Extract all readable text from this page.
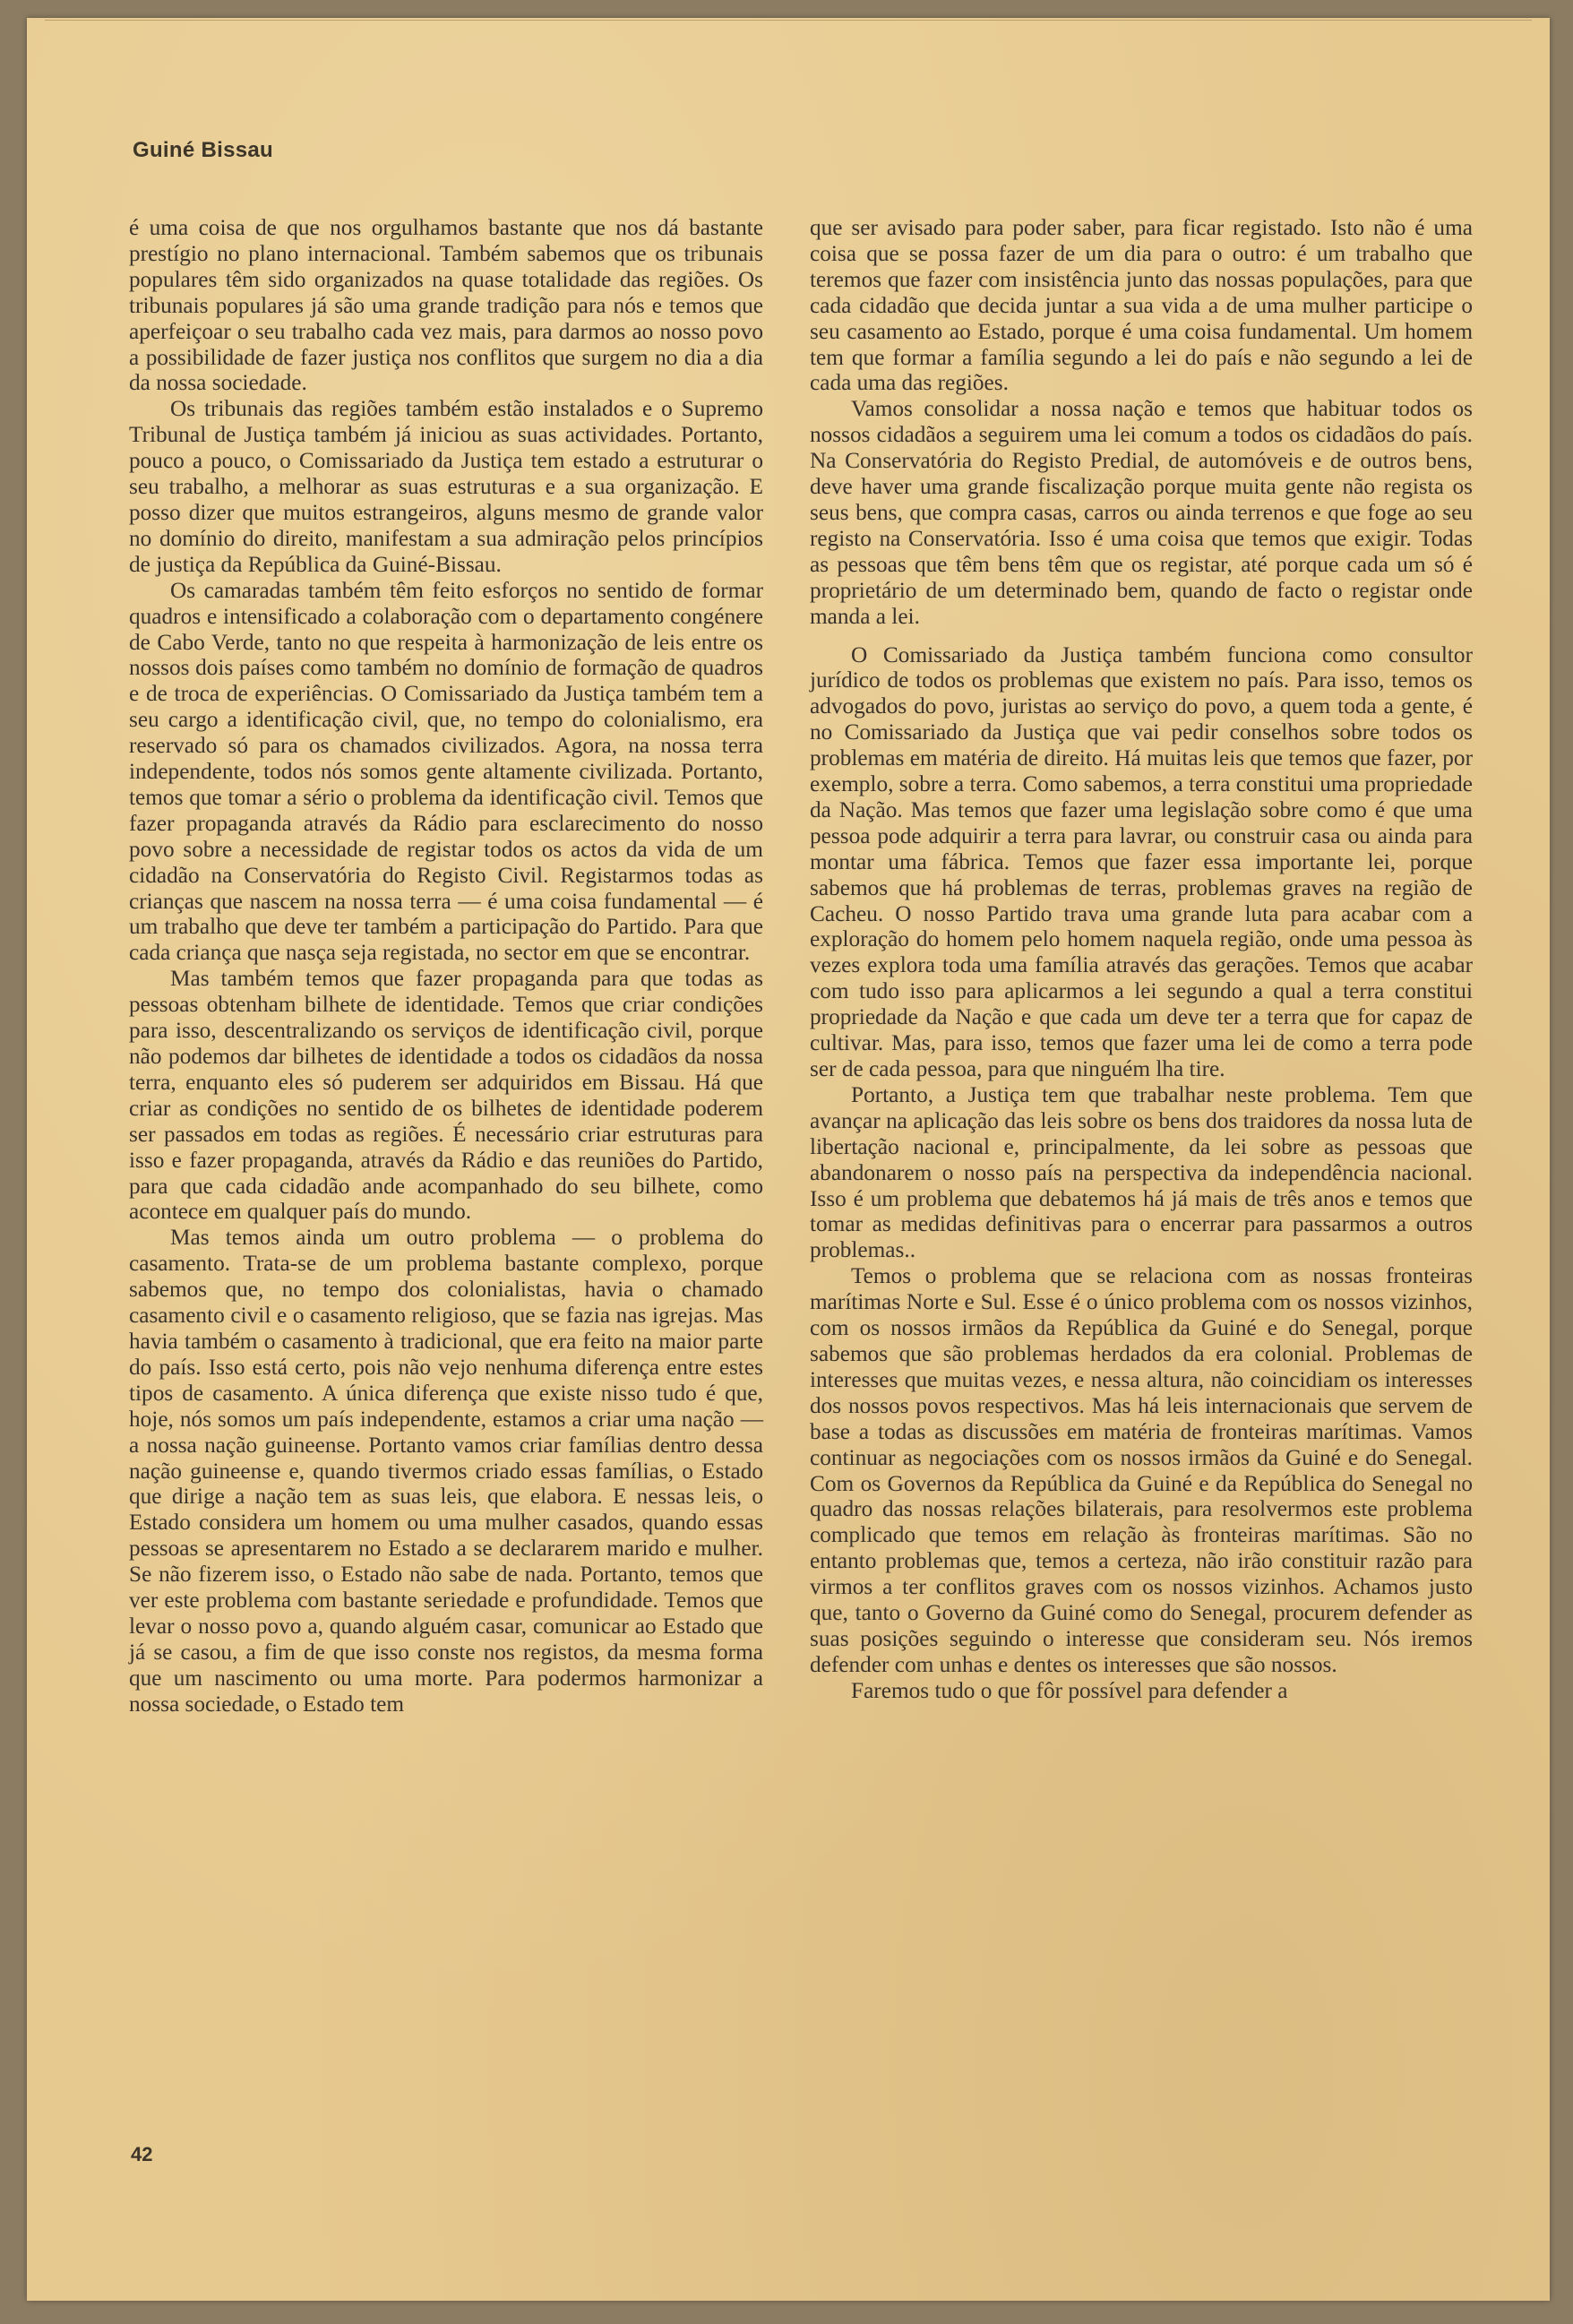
Guiné Bissau

é uma coisa de que nos orgulhamos bastante que nos dá bastante prestígio no plano internacional. Também sabemos que os tribunais populares têm sido organizados na quase totalidade das regiões. Os tribunais populares já são uma grande tradição para nós e temos que aperfeiçoar o seu trabalho cada vez mais, para darmos ao nosso povo a possibilidade de fazer justiça nos conflitos que surgem no dia a dia da nossa sociedade.

Os tribunais das regiões também estão instalados e o Supremo Tribunal de Justiça também já iniciou as suas actividades. Portanto, pouco a pouco, o Comissariado da Justiça tem estado a estruturar o seu trabalho, a melhorar as suas estruturas e a sua organização. E posso dizer que muitos estrangeiros, alguns mesmo de grande valor no domínio do direito, manifestam a sua admiração pelos princípios de justiça da República da Guiné-Bissau.

Os camaradas também têm feito esforços no sentido de formar quadros e intensificado a colaboração com o departamento congénere de Cabo Verde, tanto no que respeita à harmonização de leis entre os nossos dois países como também no domínio de formação de quadros e de troca de experiências. O Comissariado da Justiça também tem a seu cargo a identificação civil, que, no tempo do colonialismo, era reservado só para os chamados civilizados. Agora, na nossa terra independente, todos nós somos gente altamente civilizada. Portanto, temos que tomar a sério o problema da identificação civil. Temos que fazer propaganda através da Rádio para esclarecimento do nosso povo sobre a necessidade de registar todos os actos da vida de um cidadão na Conservatória do Registo Civil. Registarmos todas as crianças que nascem na nossa terra — é uma coisa fundamental — é um trabalho que deve ter também a participação do Partido. Para que cada criança que nasça seja registada, no sector em que se encontrar.

Mas também temos que fazer propaganda para que todas as pessoas obtenham bilhete de identidade. Temos que criar condições para isso, descentralizando os serviços de identificação civil, porque não podemos dar bilhetes de identidade a todos os cidadãos da nossa terra, enquanto eles só puderem ser adquiridos em Bissau. Há que criar as condições no sentido de os bilhetes de identidade poderem ser passados em todas as regiões. É necessário criar estruturas para isso e fazer propaganda, através da Rádio e das reuniões do Partido, para que cada cidadão ande acompanhado do seu bilhete, como acontece em qualquer país do mundo.

Mas temos ainda um outro problema — o problema do casamento. Trata-se de um problema bastante complexo, porque sabemos que, no tempo dos colonialistas, havia o chamado casamento civil e o casamento religioso, que se fazia nas igrejas. Mas havia também o casamento à tradicional, que era feito na maior parte do país. Isso está certo, pois não vejo nenhuma diferença entre estes tipos de casamento. A única diferença que existe nisso tudo é que, hoje, nós somos um país independente, estamos a criar uma nação — a nossa nação guineense. Portanto vamos criar famílias dentro dessa nação guineense e, quando tivermos criado essas famílias, o Estado que dirige a nação tem as suas leis, que elabora. E nessas leis, o Estado considera um homem ou uma mulher casados, quando essas pessoas se apresentarem no Estado a se declararem marido e mulher. Se não fizerem isso, o Estado não sabe de nada. Portanto, temos que ver este problema com bastante seriedade e profundidade. Temos que levar o nosso povo a, quando alguém casar, comunicar ao Estado que já se casou, a fim de que isso conste nos registos, da mesma forma que um nascimento ou uma morte. Para podermos harmonizar a nossa sociedade, o Estado tem

que ser avisado para poder saber, para ficar registado. Isto não é uma coisa que se possa fazer de um dia para o outro: é um trabalho que teremos que fazer com insistência junto das nossas populações, para que cada cidadão que decida juntar a sua vida a de uma mulher participe o seu casamento ao Estado, porque é uma coisa fundamental. Um homem tem que formar a família segundo a lei do país e não segundo a lei de cada uma das regiões.

Vamos consolidar a nossa nação e temos que habituar todos os nossos cidadãos a seguirem uma lei comum a todos os cidadãos do país. Na Conservatória do Registo Predial, de automóveis e de outros bens, deve haver uma grande fiscalização porque muita gente não regista os seus bens, que compra casas, carros ou ainda terrenos e que foge ao seu registo na Conservatória. Isso é uma coisa que temos que exigir. Todas as pessoas que têm bens têm que os registar, até porque cada um só é proprietário de um determinado bem, quando de facto o registar onde manda a lei.

O Comissariado da Justiça também funciona como consultor jurídico de todos os problemas que existem no país. Para isso, temos os advogados do povo, juristas ao serviço do povo, a quem toda a gente, é no Comissariado da Justiça que vai pedir conselhos sobre todos os problemas em matéria de direito. Há muitas leis que temos que fazer, por exemplo, sobre a terra. Como sabemos, a terra constitui uma propriedade da Nação. Mas temos que fazer uma legislação sobre como é que uma pessoa pode adquirir a terra para lavrar, ou construir casa ou ainda para montar uma fábrica. Temos que fazer essa importante lei, porque sabemos que há problemas de terras, problemas graves na região de Cacheu. O nosso Partido trava uma grande luta para acabar com a exploração do homem pelo homem naquela região, onde uma pessoa às vezes explora toda uma família através das gerações. Temos que acabar com tudo isso para aplicarmos a lei segundo a qual a terra constitui propriedade da Nação e que cada um deve ter a terra que for capaz de cultivar. Mas, para isso, temos que fazer uma lei de como a terra pode ser de cada pessoa, para que ninguém lha tire.

Portanto, a Justiça tem que trabalhar neste problema. Tem que avançar na aplicação das leis sobre os bens dos traidores da nossa luta de libertação nacional e, principalmente, da lei sobre as pessoas que abandonarem o nosso país na perspectiva da independência nacional. Isso é um problema que debatemos há já mais de três anos e temos que tomar as medidas definitivas para o encerrar para passarmos a outros problemas..

Temos o problema que se relaciona com as nossas fronteiras marítimas Norte e Sul. Esse é o único problema com os nossos vizinhos, com os nossos irmãos da República da Guiné e do Senegal, porque sabemos que são problemas herdados da era colonial. Problemas de interesses que muitas vezes, e nessa altura, não coincidiam os interesses dos nossos povos respectivos. Mas há leis internacionais que servem de base a todas as discussões em matéria de fronteiras marítimas. Vamos continuar as negociações com os nossos irmãos da Guiné e do Senegal. Com os Governos da República da Guiné e da República do Senegal no quadro das nossas relações bilaterais, para resolvermos este problema complicado que temos em relação às fronteiras marítimas. São no entanto problemas que, temos a certeza, não irão constituir razão para virmos a ter conflitos graves com os nossos vizinhos. Achamos justo que, tanto o Governo da Guiné como do Senegal, procurem defender as suas posições seguindo o interesse que consideram seu. Nós iremos defender com unhas e dentes os interesses que são nossos.

Faremos tudo o que fôr possível para defender a

42
